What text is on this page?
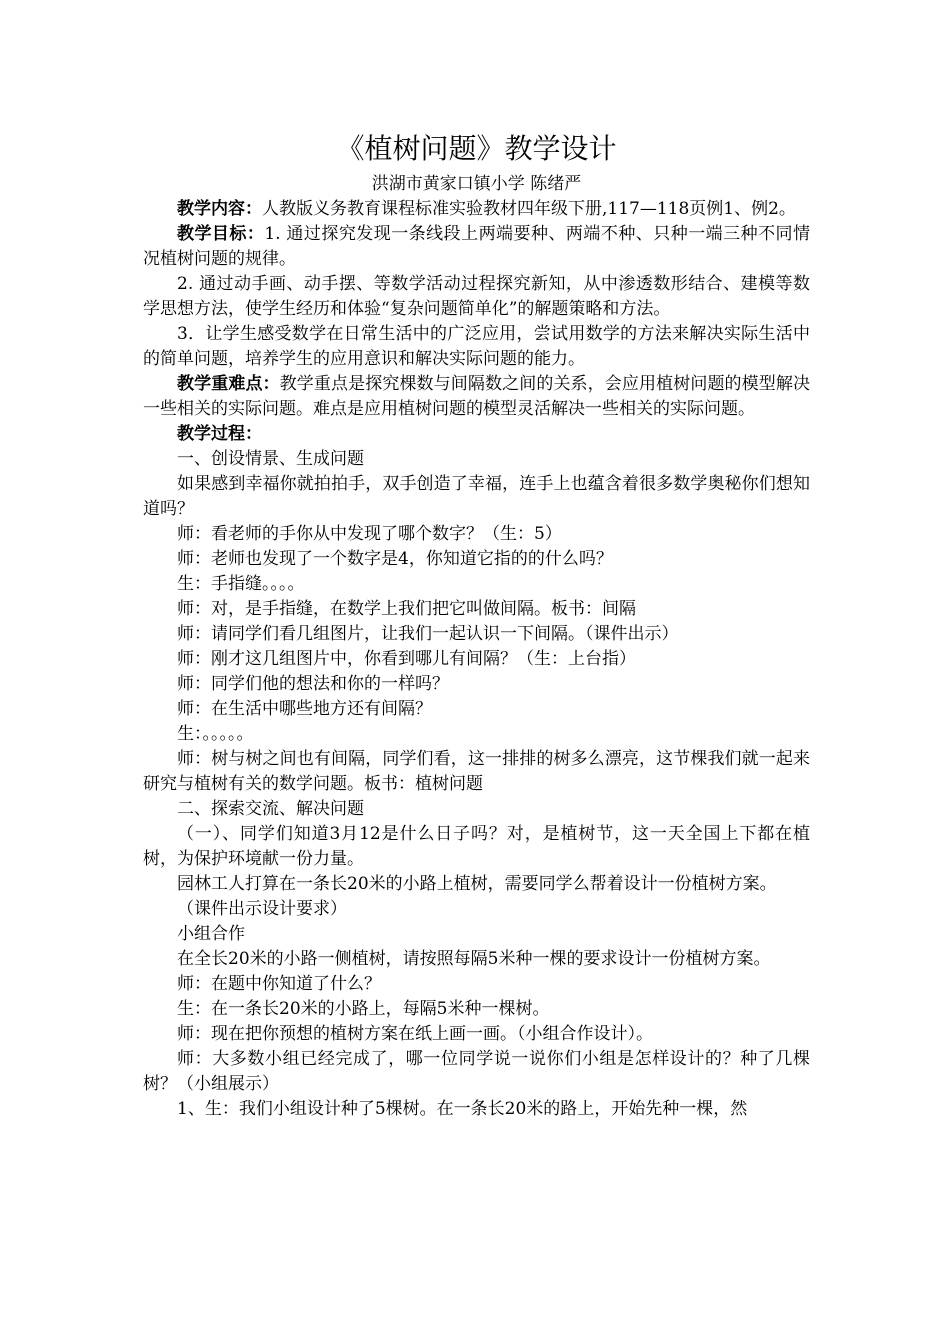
《植树问题》教学设计

洪湖市黄家口镇小学 陈绪严

教学内容：人教版义务教育课程标准实验教材四年级下册,117—118页例1、例2。

教学目标：1. 通过探究发现一条线段上两端要种、两端不种、只种一端三种不同情况植树问题的规律。

2. 通过动手画、动手摆、等数学活动过程探究新知，从中渗透数形结合、建模等数学思想方法，使学生经历和体验“复杂问题简单化”的解题策略和方法。

3．让学生感受数学在日常生活中的广泛应用，尝试用数学的方法来解决实际生活中的简单问题，培养学生的应用意识和解决实际问题的能力。

教学重难点：教学重点是探究棵数与间隔数之间的关系，会应用植树问题的模型解决一些相关的实际问题。难点是应用植树问题的模型灵活解决一些相关的实际问题。

教学过程：

一、创设情景、生成问题

如果感到幸福你就拍拍手，双手创造了幸福，连手上也蕴含着很多数学奥秘你们想知道吗？

师：看老师的手你从中发现了哪个数字？（生：5）

师：老师也发现了一个数字是4，你知道它指的的什么吗？

生：手指缝。。。。

师：对，是手指缝，在数学上我们把它叫做间隔。板书：间隔

师：请同学们看几组图片，让我们一起认识一下间隔。（课件出示）

师：刚才这几组图片中，你看到哪儿有间隔？（生：上台指）

师：同学们他的想法和你的一样吗？

师：在生活中哪些地方还有间隔？

生：。。。。。

师：树与树之间也有间隔，同学们看，这一排排的树多么漂亮，这节棵我们就一起来研究与植树有关的数学问题。板书：植树问题

二、探索交流、解决问题

（一）、同学们知道3月12是什么日子吗？对，是植树节，这一天全国上下都在植树，为保护环境献一份力量。

园林工人打算在一条长20米的小路上植树，需要同学么帮着设计一份植树方案。

（课件出示设计要求）

小组合作

在全长20米的小路一侧植树，请按照每隔5米种一棵的要求设计一份植树方案。

师：在题中你知道了什么？

生：在一条长20米的小路上，每隔5米种一棵树。

师：现在把你预想的植树方案在纸上画一画。（小组合作设计）。

师：大多数小组已经完成了，哪一位同学说一说你们小组是怎样设计的？种了几棵树？（小组展示）

1、生：我们小组设计种了5棵树。在一条长20米的路上，开始先种一棵，然
